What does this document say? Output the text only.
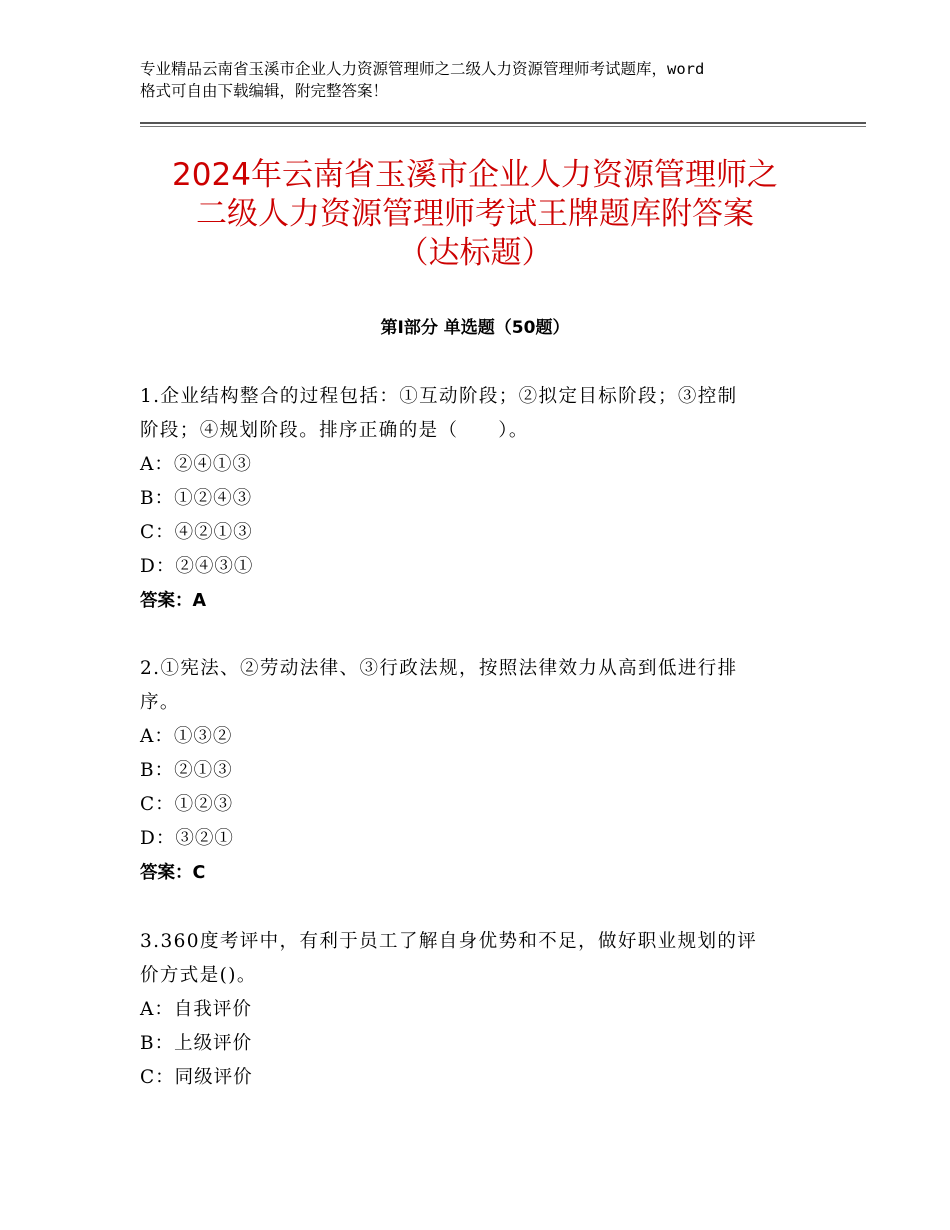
专业精品云南省玉溪市企业人力资源管理师之二级人力资源管理师考试题库，word
格式可自由下载编辑，附完整答案！
2024年云南省玉溪市企业人力资源管理师之
二级人力资源管理师考试王牌题库附答案
（达标题）
第Ⅰ部分 单选题（50题）
1.企业结构整合的过程包括：①互动阶段；②拟定目标阶段；③控制
阶段；④规划阶段。排序正确的是（　　）。
A：②④①③
B：①②④③
C：④②①③
D：②④③①
答案：A
2.①宪法、②劳动法律、③行政法规，按照法律效力从高到低进行排
序。
A：①③②
B：②①③
C：①②③
D：③②①
答案：C
3.360度考评中，有利于员工了解自身优势和不足，做好职业规划的评
价方式是()。
A：自我评价
B：上级评价
C：同级评价
